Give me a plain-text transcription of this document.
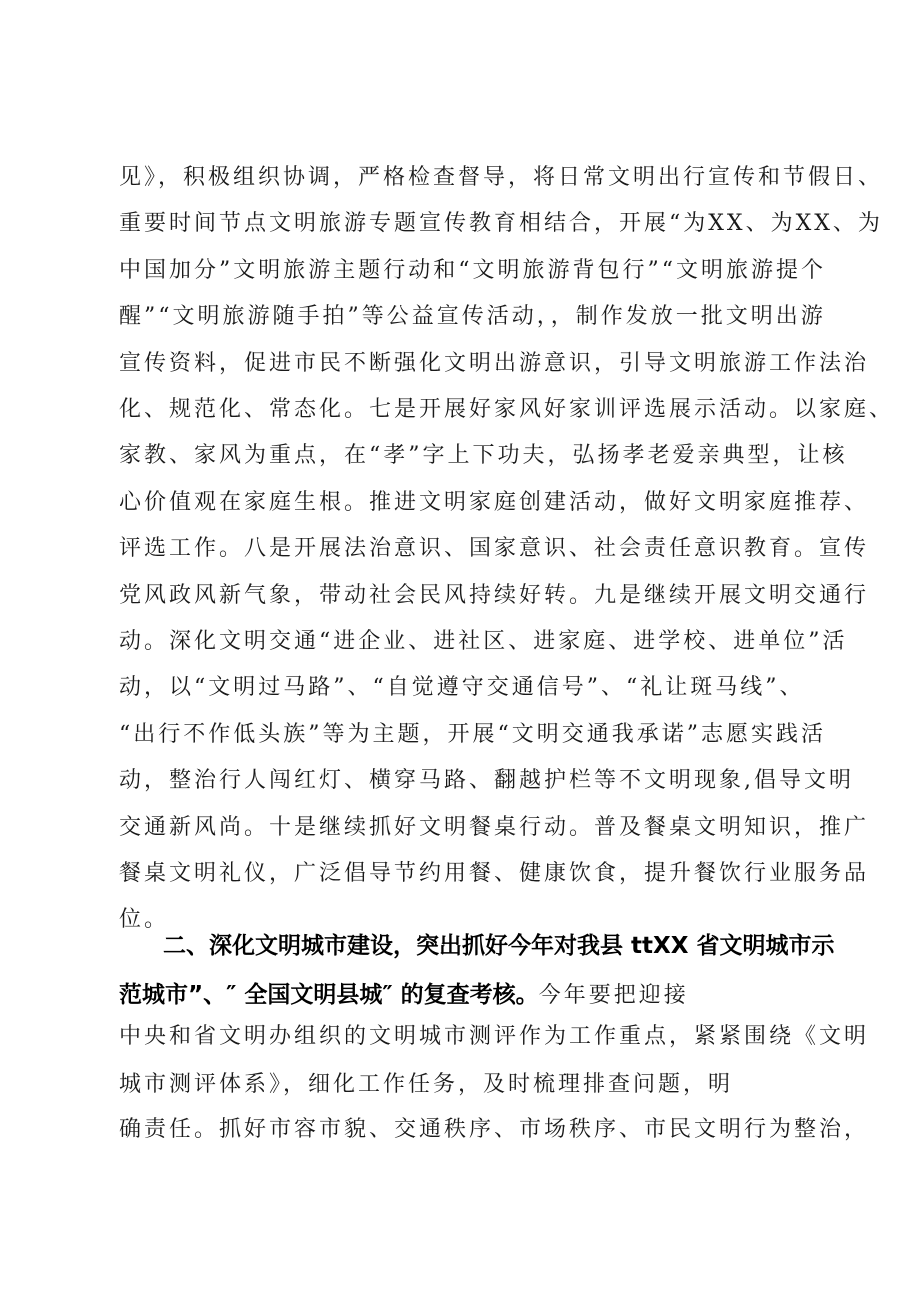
见》，积极组织协调，严格检查督导，将日常文明出行宣传和节假日、
重要时间节点文明旅游专题宣传教育相结合，开展“为XX、为XX、为
中国加分”文明旅游主题行动和“文明旅游背包行”“文明旅游提个
醒”“文明旅游随手拍”等公益宣传活动，，制作发放一批文明出游
宣传资料，促进市民不断强化文明出游意识，引导文明旅游工作法治
化、规范化、常态化。七是开展好家风好家训评选展示活动。以家庭、
家教、家风为重点，在“孝”字上下功夫，弘扬孝老爱亲典型，让核
心价值观在家庭生根。推进文明家庭创建活动，做好文明家庭推荐、
评选工作。八是开展法治意识、国家意识、社会责任意识教育。宣传
党风政风新气象，带动社会民风持续好转。九是继续开展文明交通行
动。深化文明交通“进企业、进社区、进家庭、进学校、进单位”活
动，以“文明过马路”、“自觉遵守交通信号”、“礼让斑马线”、
“出行不作低头族”等为主题，开展“文明交通我承诺”志愿实践活
动，整治行人闯红灯、横穿马路、翻越护栏等不文明现象,倡导文明
交通新风尚。十是继续抓好文明餐桌行动。普及餐桌文明知识，推广
餐桌文明礼仪，广泛倡导节约用餐、健康饮食，提升餐饮行业服务品
位。
二、深化文明城市建设，突出抓好今年对我县 ttXX 省文明城市示
范城市”、″ 全国文明县城″ 的复查考核。今年要把迎接
中央和省文明办组织的文明城市测评作为工作重点，紧紧围绕《文明
城市测评体系》，细化工作任务，及时梳理排查问题，明
确责任。抓好市容市貌、交通秩序、市场秩序、市民文明行为整治，
